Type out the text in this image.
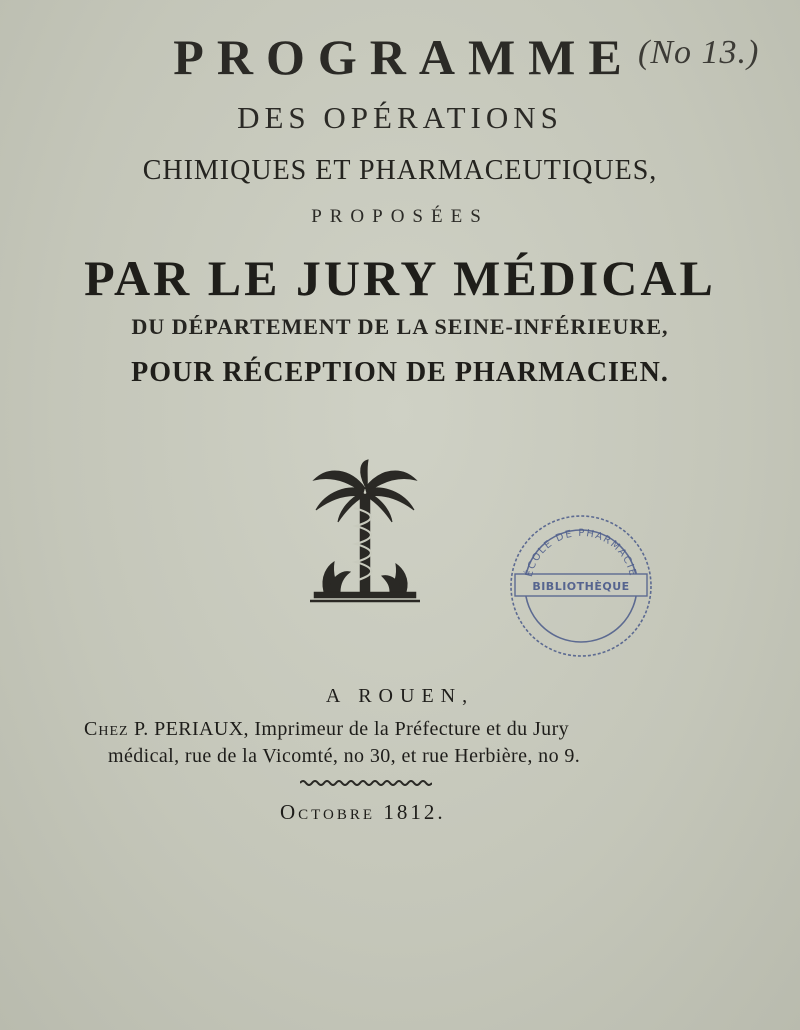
PROGRAMME (No 13.)
DES OPÉRATIONS
CHIMIQUES ET PHARMACEUTIQUES,
PROPOSÉES
PAR LE JURY MÉDICAL
DU DÉPARTEMENT DE LA SEINE-INFÉRIEURE,
POUR RÉCEPTION DE PHARMACIEN.
ÉCOLE DE PHARMACIE
BIBLIOTHÈQUE
A ROUEN,
Chez P. PERIAUX, Imprimeur de la Préfecture et du Jury
médical, rue de la Vicomté, no 30, et rue Herbière, no 9.
Octobre 1812.
